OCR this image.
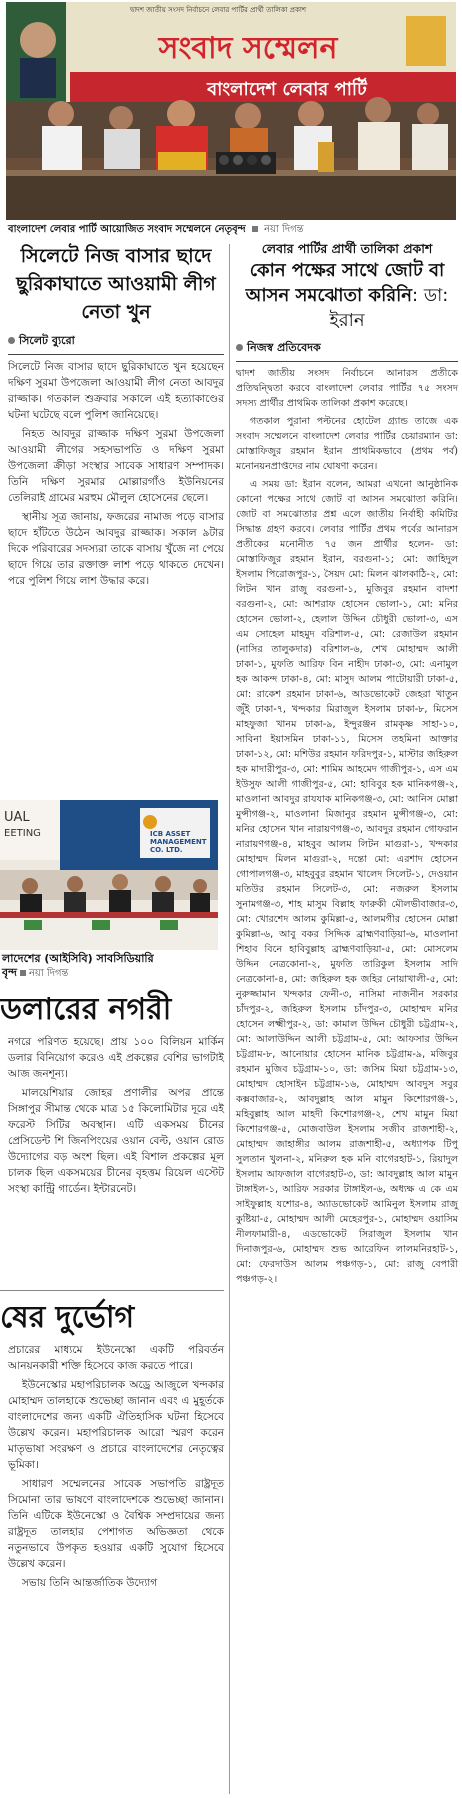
দ্বাদশ জাতীয় সংসদ নির্বাচনে লেবার পার্টির প্রার্থী তালিকা প্রকাশ
সংবাদ সম্মেলন
বাংলাদেশ লেবার পার্টি
বাংলাদেশ লেবার পার্টি আয়োজিত সংবাদ সম্মেলনে নেতৃবৃন্দ নয়া দিগন্ত
সিলেটে নিজ বাসার ছাদে ছুরিকাঘাতে আওয়ামী লীগ নেতা খুন
সিলেট ব্যুরো

সিলেটে নিজ বাসার ছাদে ছুরিকাঘাতে খুন হয়েছেন দক্ষিণ সুরমা উপজেলা আওয়ামী লীগ নেতা আবদুর রাজ্জাক। গতকাল শুক্রবার সকালে এই হত্যাকাণ্ডের ঘটনা ঘটেছে বলে পুলিশ জানিয়েছে।

নিহত আবদুর রাজ্জাক দক্ষিণ সুরমা উপজেলা আওয়ামী লীগের সহসভাপতি ও দক্ষিণ সুরমা উপজেলা ক্রীড়া সংস্থার সাবেক সাধারণ সম্পাদক। তিনি দক্ষিণ সুরমার মোল্লারগাঁও ইউনিয়নের তেলিরাই গ্রামের মরহুম মৌলুল হোসেনের ছেলে।

স্থানীয় সূত্র জানায়, ফজরের নামাজ পড়ে বাসার ছাদে হাঁটতে উঠেন আবদুর রাজ্জাক। সকাল ৯টার দিকে পরিবারের সদস্যরা তাকে বাসায় খুঁজে না পেয়ে ছাদে গিয়ে তার রক্তাক্ত লাশ পড়ে থাকতে দেখেন। পরে পুলিশ গিয়ে লাশ উদ্ধার করে।

UAL
EETING	ICB ASSET MANAGEMENT CO. LTD.
লাদেশের (আইসিবি) সাবসিডিয়ারি
বৃন্দ নয়া দিগন্ত
ডলারের নগরী

নগরে পরিণত হয়েছে। প্রায় ১০০ বিলিয়ন মার্কিন ডলার বিনিয়োগ করেও এই প্রকল্পের বেশির ভাগটাই আজ জনশূন্য।

মালয়েশিয়ার জোহর প্রণালীর অপর প্রান্তে সিঙ্গাপুর সীমান্ত থেকে মাত্র ১৫ কিলোমিটার দূরে এই ফরেস্ট সিটির অবস্থান। এটি একসময় চীনের প্রেসিডেন্ট শি জিনপিংয়ের ওয়ান বেল্ট, ওয়ান রোড উদ্যোগের বড় অংশ ছিল। এই বিশাল প্রকল্পের মূল চালক ছিল একসময়ের চীনের বৃহত্তম রিয়েল এস্টেট সংস্থা কান্ট্রি গার্ডেন। ইন্টারনেট।

ষের দুর্ভোগ

প্রচারের মাধ্যমে ইউনেস্কো একটি পরিবর্তন আনয়নকারী শক্তি হিসেবে কাজ করতে পারে।

ইউনেস্কোর মহাপরিচালক অড্রে আজুলে খন্দকার মোহাম্মদ তালহাকে শুভেচ্ছা জানান এবং এ মুহূর্তকে বাংলাদেশের জন্য একটি ঐতিহাসিক ঘটনা হিসেবে উল্লেখ করেন। মহাপরিচালক আরো স্মরণ করেন মাতৃভাষা সংরক্ষণ ও প্রচারে বাংলাদেশের নেতৃত্বের ভূমিকা।

সাধারণ সম্মেলনের সাবেক সভাপতি রাষ্ট্রদূত সিমোনা তার ভাষণে বাংলাদেশকে শুভেচ্ছা জানান। তিনি এটিকে ইউনেস্কো ও বৈশ্বিক সম্প্রদায়ের জন্য রাষ্ট্রদূত তালহার পেশাগত অভিজ্ঞতা থেকে নতুনভাবে উপকৃত হওয়ার একটি সুযোগ হিসেবে উল্লেখ করেন।

সভায় তিনি আন্তর্জাতিক উদ্যোগ

লেবার পার্টির প্রার্থী তালিকা প্রকাশ
কোন পক্ষের সাথে জোট বা আসন সমঝোতা করিনি: ডা: ইরান
নিজস্ব প্রতিবেদক

দ্বাদশ জাতীয় সংসদ নির্বাচনে আনারস প্রতীকে প্রতিদ্বন্দ্বিতা করবে বাংলাদেশ লেবার পার্টির ৭৫ সংসদ সদস্য প্রার্থীর প্রাথমিক তালিকা প্রকাশ করেছে।

গতকাল পুরানা পল্টনের হোটেল গ্র্যান্ড তাজে এক সংবাদ সম্মেলনে বাংলাদেশ লেবার পার্টির চেয়ারম্যান ডা: মোস্তাফিজুর রহমান ইরান প্রাথমিকভাবে (প্রথম পর্ব) মনোনয়নপ্রাপ্তদের নাম ঘোষণা করেন।

এ সময় ডা: ইরান বলেন, আমরা এখনো আনুষ্ঠানিক কোনো পক্ষের সাথে জোট বা আসন সমঝোতা করিনি। জোট বা সমঝোতার প্রশ্ন এলে জাতীয় নির্বাহী কমিটির সিদ্ধান্ত গ্রহণ করবে। লেবার পার্টির প্রথম পর্বের আনারস প্রতীকের মনোনীত ৭৫ জন প্রার্থীর হলেন- ডা: মোস্তাফিজুর রহমান ইরান, বরগুনা-১; মো: জাহিদুল ইসলাম পিরোজপুর-১, সৈয়দ মো: মিলন ঝালকাঠি-২, মো: লিটন খান রাজু বরগুনা-১, মুজিবুর রহমান বাদশা বরগুনা-২, মো: আশরাফ হোসেন ভোলা-১, মো: মনির হোসেন ভোলা-২, হেলাল উদ্দিন চৌধুরী ভোলা-৩, এস এম সোহেল মাহমুদ বরিশাল-৫, মো: রেজাউল রহমান (নাসির তালুকদার) বরিশাল-৬, শেখ মোহাম্মদ আলী ঢাকা-১, মুফতি আরিফ বিন নাহীদ ঢাকা-৩, মো: এনামুল হক আকন্দ ঢাকা-৪, মো: মাসুদ আলম পাটোয়ারী ঢাকা-৫, মো: রাকেশ রহমান ঢাকা-৬, আডভোকেট জেহরা খাতুন জুঁই ঢাকা-৭, খন্দকার মিরাজুল ইসলাম ঢাকা-৮, মিসেস মাহফুজা খানম ঢাকা-৯, ইন্দুরঞ্জন রামকৃষ্ণ সাহা-১০, সাবিনা ইয়াসমিন ঢাকা-১১, মিসেস তহমিনা আক্তার ঢাকা-১২, মো: মশিউর রহমান ফরিদপুর-১, মাস্টার জহিরুল হক মাদারীপুর-৩, মো: শামিম আহমেদ গাজীপুর-১, এস এম ইউসুফ আলী গাজীপুর-৫, মো: হাবিবুর হক মানিকগঞ্জ-২, মাওলানা আবদুর রাযযাক মানিকগঞ্জ-৩, মো: আনিস মোল্লা মুন্সীগঞ্জ-২, মাওলানা মিজানুর রহমান মুন্সীগঞ্জ-৩, মো: মনির হোসেন খান নারায়ণগঞ্জ-৩, আবদুর রহমান গোফরান নারায়ণগঞ্জ-৪, মাহবুব আলম লিটন মাগুরা-১, খন্দকার মোহাম্মদ মিলন মাগুরা-২, দন্তো মো: এরশাদ হোসেন গোপালগঞ্জ-৩, মাহবুবুর রহমান খালেদ সিলেট-১, দেওয়ান মতিউর রহমান সিলেট-৩, মো: নজরুল ইসলাম সুনামগঞ্জ-৩, শাহ মাসুম বিল্লাহ ফারুকী মৌলভীবাজার-৩, মো: খোরশেদ আলম কুমিল্লা-৫, আলমগীর হোসেন মোল্লা কুমিল্লা-৬, আবু বকর সিদ্দিক ব্রাহ্মণবাড়িয়া-৬, মাওলানা শিহাব বিনে হাবিবুল্লাহ ব্রাহ্মণবাড়িয়া-৫, মো: মোসলেম উদ্দিন নেত্রকোনা-২, মুফতি তারিকুল ইসলাম সাদি নেত্রকোনা-৪, মো: জহিরুল হক জহির নোয়াখালী-৫, মো: নুরুজ্জামান খন্দকার ফেনী-৩, নাসিমা নাজনীন সরকার চাঁদপুর-২, জহিরুল ইসলাম চাঁদপুর-৩, মোহাম্মদ মনির হোসেন লক্ষ্মীপুর-২, ডা: কামাল উদ্দিন চৌধুরী চট্টগ্রাম-২, মো: আলাউদ্দিন আলী চট্টগ্রাম-৫, মো: আফসার উদ্দিন চট্টগ্রাম-৮, আনোয়ার হোসেন মানিক চট্টগ্রাম-৯, মজিবুর রহমান মুজিব চট্টগ্রাম-১০, ডা: জসিম মিয়া চট্টগ্রাম-১৩, মোহাম্মদ হোসাইন চট্টগ্রাম-১৬, মোহাম্মদ আবদুস সবুর কক্সবাজার-২, আবদুল্লাহ আল মামুন কিশোরগঞ্জ-১, মহিবুল্লাহ আল মাহদী কিশোরগঞ্জ-২, শেখ মামুন মিয়া কিশোরগঞ্জ-৫, মোজবাউল ইসলাম সজীব রাজশাহী-২, মোহাম্মদ জাহাঙ্গীর আলম রাজশাহী-৫, অধ্যাপক টিপু সুলতান খুলনা-২, মনিরুল হক মনি বাগেরহাট-১, রিয়াদুল ইসলাম আফজাল বাগেরহাট-৩, ডা: আবদুল্লাহ আল মামুন টাঙ্গাইল-১, আরিফ সরকার টাঙ্গাইল-৬, অধ্যক্ষ এ কে এম সাইফুল্লাহ যশোর-৪, অ্যাডভোকেট আমিনুল ইসলাম রাজু কুষ্টিয়া-৫, মোহাম্মদ আলী মেহেরপুর-১, মোহাম্মদ ওয়াসিম নীলফামারী-৪, এডভোকেট সিরাজুল ইসলাম খান দিনাজপুর-৬, মোহাম্মদ শুভ আরেফিন লালমনিরহাট-১, মো: ফেরদাউস আলম পঞ্চগড়-১, মো: রাজু বেপারী পঞ্চগড়-২।
